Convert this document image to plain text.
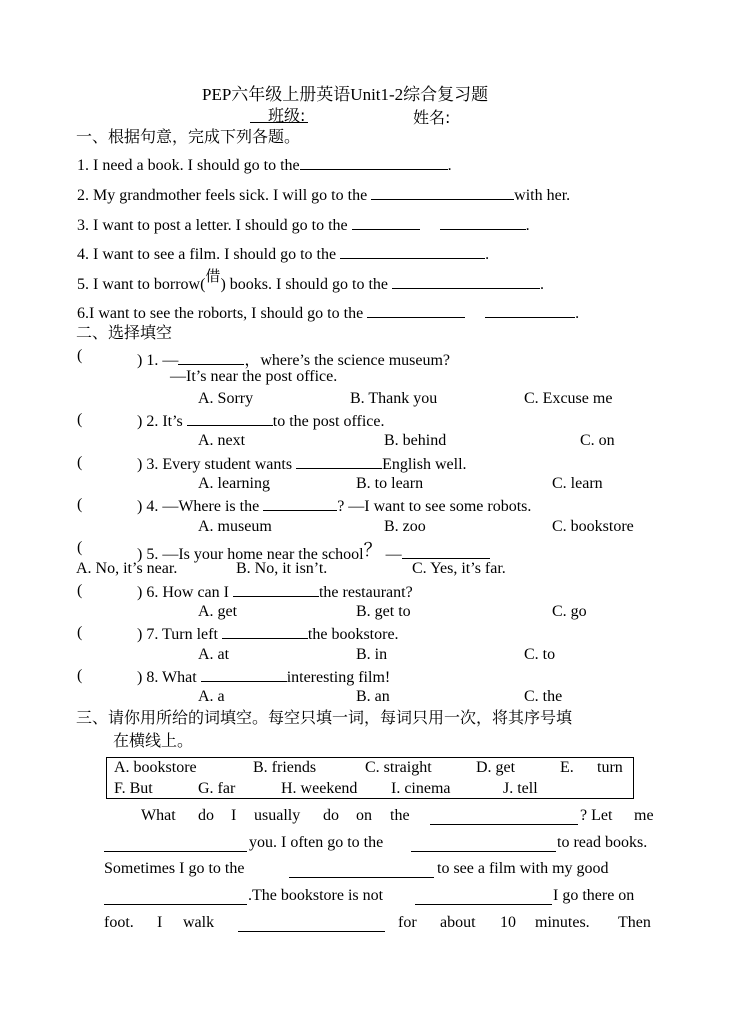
PEP六年级上册英语Unit1-2综合复习题
班级:	姓名:
一、根据句意，完成下列各题。
1. I need a book. I should go to the	.
2. My grandmother feels sick. I will go to the	with her.
3. I want to post a letter. I should go to the	.
4. I want to see a film. I should go to the	.
5. I want to borrow(借) books. I should go to the	.
6.I want to see the roborts, I should go to the	.
二、选择填空
(	) 1. —	，where’s the science museum?
—It’s near the post office.
A. Sorry	B. Thank you	C. Excuse me
(	) 2. It’s	to the post office.
A. next	B. behind	C. on
(	) 3. Every student wants	English well.
A. learning	B. to learn	C. learn
(	) 4. —Where is the	? —I want to see some robots.
A. museum	B. zoo	C. bookstore
(	) 5. —Is your home near the school？ —
A. No, it’s near.	B. No, it isn’t.	C. Yes, it’s far.
(	) 6. How can I	the restaurant?
A. get	B. get to	C. go
(	) 7. Turn left	the bookstore.
A. at	B. in	C. to
(	) 8. What	interesting film!
A. a	B. an	C. the
三、请你用所给的词填空。每空只填一词，每词只用一次，将其序号填
在横线上。
A. bookstore	B. friends	C. straight	D. get	E. turn
F. But	G. far	H. weekend I. cinema	J. tell
What do I usually do on the	? Let me
you. I often go to the	to read books.
Sometimes I go to the	to see a film with my good
.The bookstore is not	I go there on
foot. I walk	for about 10 minutes. Then
